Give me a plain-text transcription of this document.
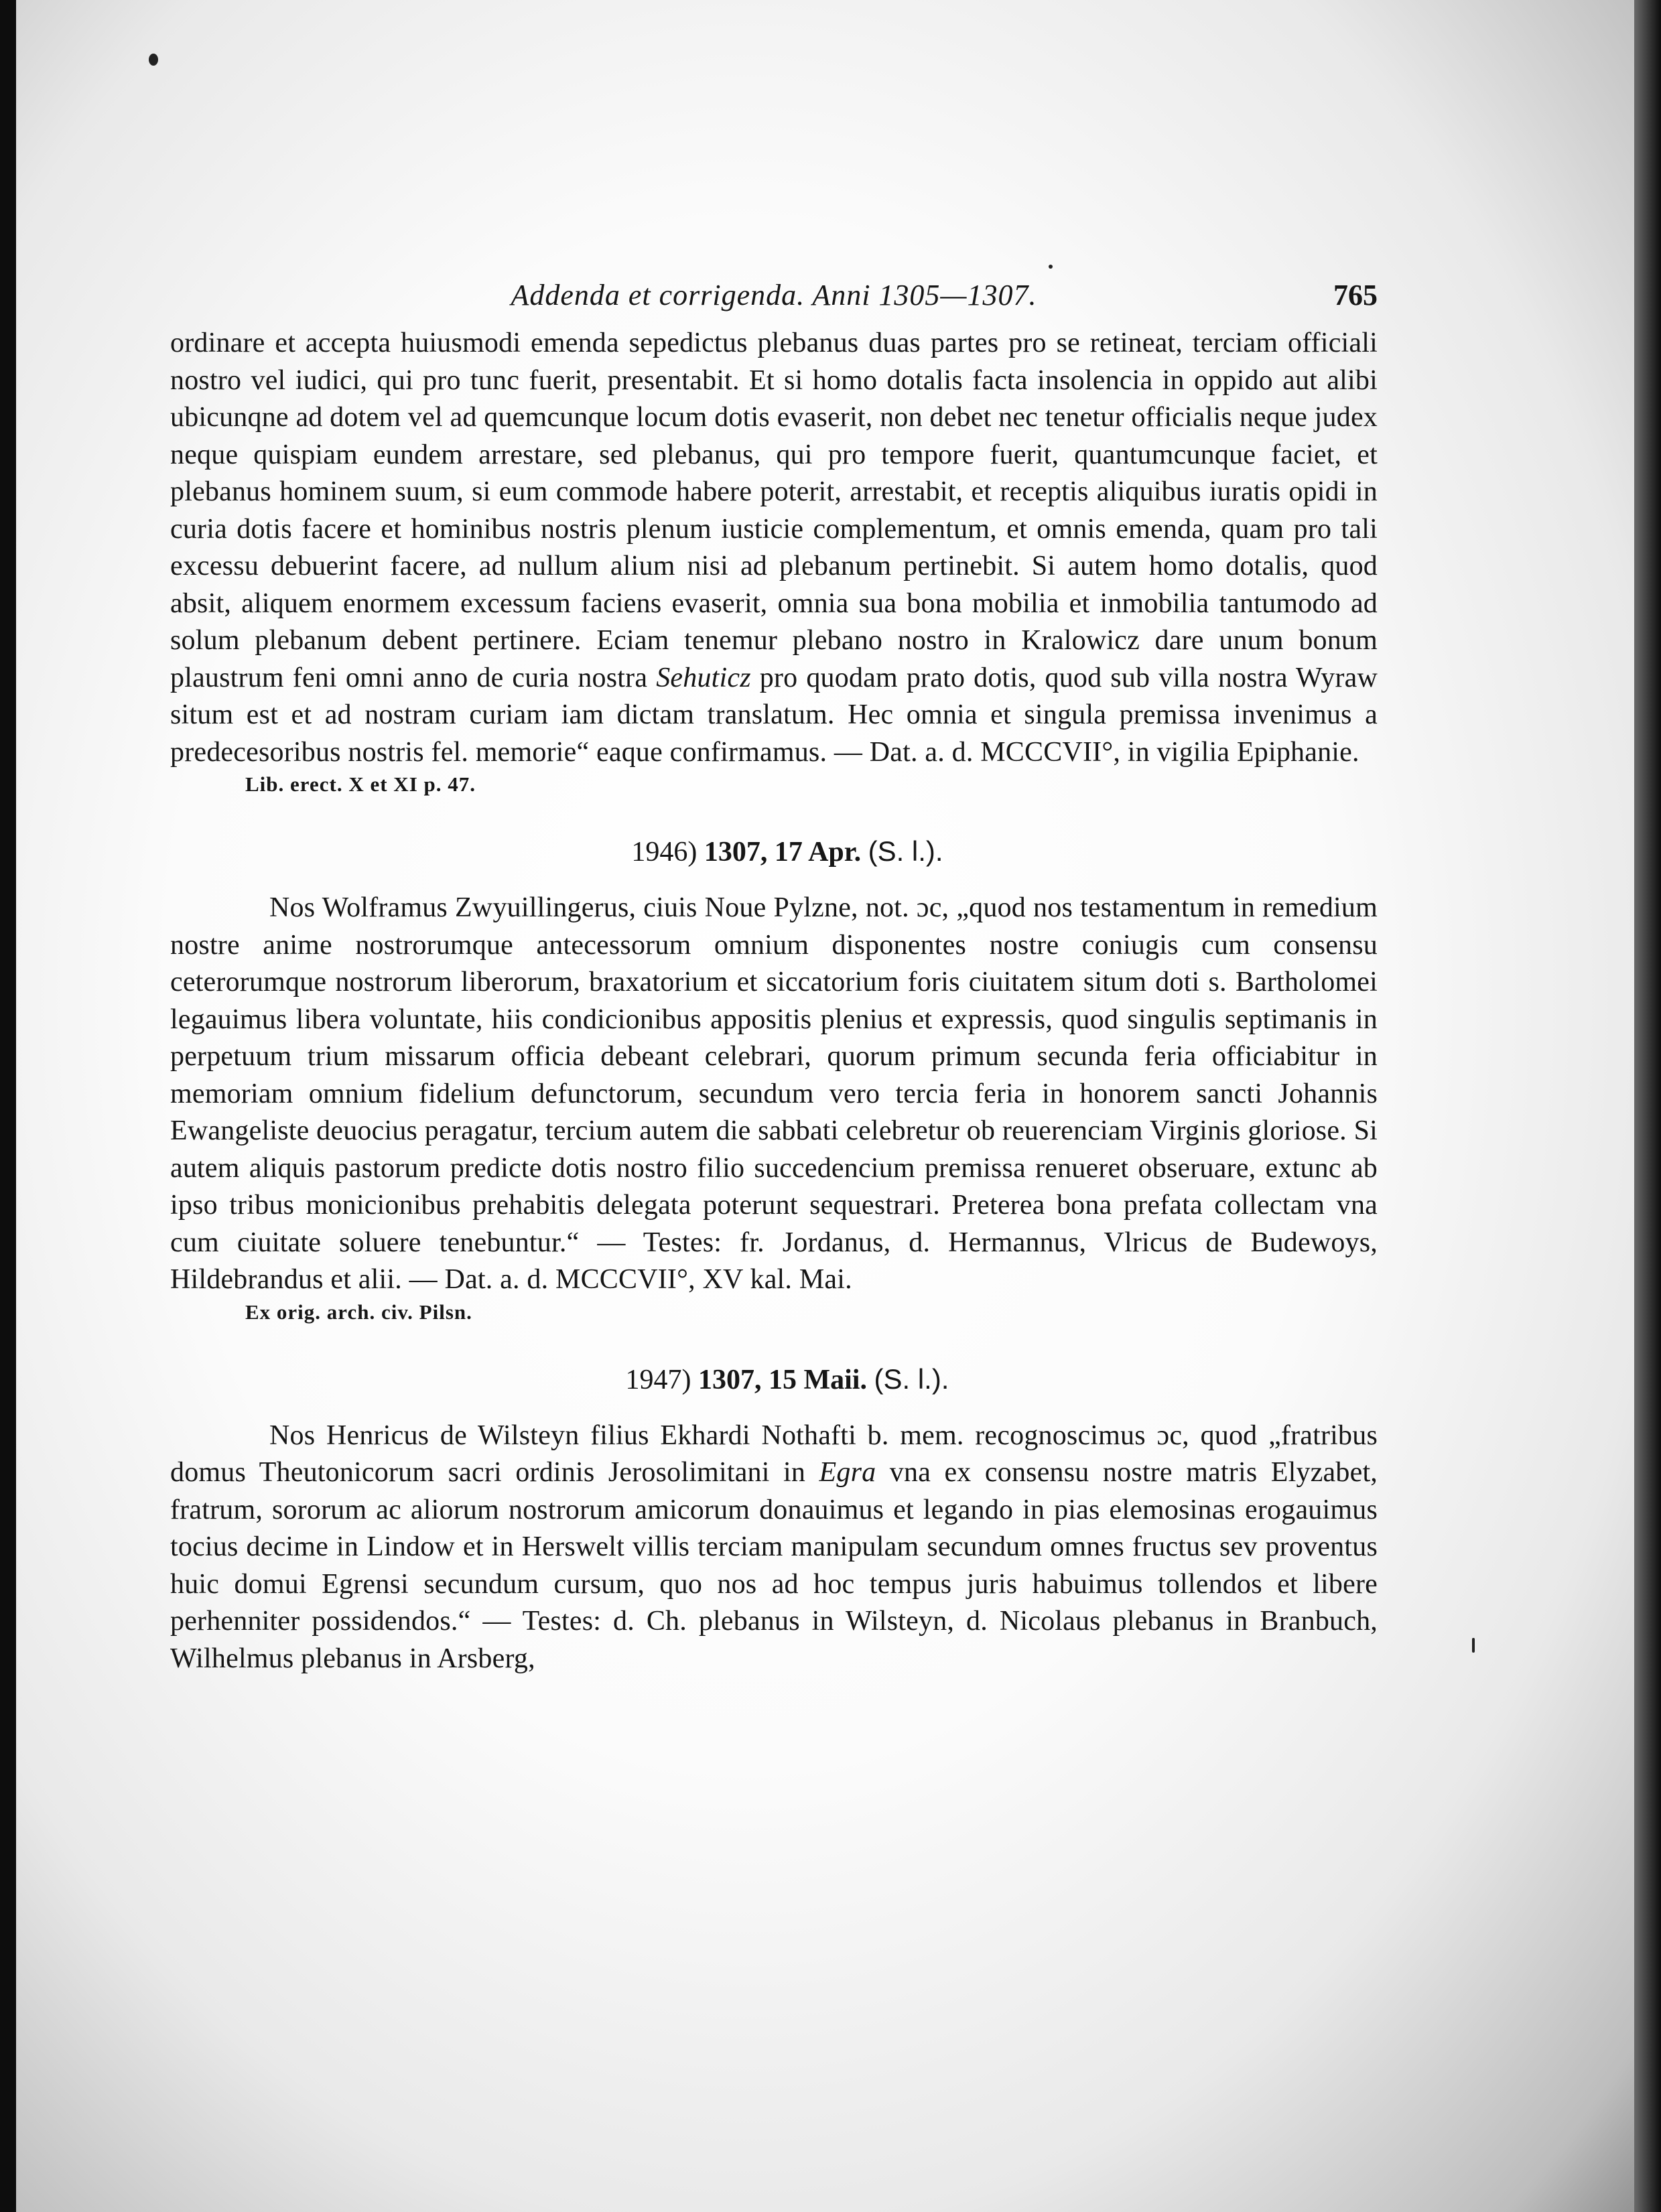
Addenda et corrigenda. Anni 1305—1307.	765

ordinare et accepta huiusmodi emenda sepedictus plebanus duas partes pro se retineat, terciam officiali nostro vel iudici, qui pro tunc fuerit, presentabit. Et si homo dotalis facta insolencia in oppido aut alibi ubicunqne ad dotem vel ad quemcunque locum dotis evaserit, non debet nec tenetur officialis neque judex neque quispiam eundem arrestare, sed plebanus, qui pro tempore fuerit, quantumcunque faciet, et plebanus hominem suum, si eum commode habere poterit, arrestabit, et receptis aliquibus iuratis opidi in curia dotis facere et hominibus nostris plenum iusticie complementum, et omnis emenda, quam pro tali excessu debuerint facere, ad nullum alium nisi ad plebanum pertinebit. Si autem homo dotalis, quod absit, aliquem enormem excessum faciens evaserit, omnia sua bona mobilia et inmobilia tantumodo ad solum plebanum debent pertinere. Eciam tenemur plebano nostro in Kralowicz dare unum bonum plaustrum feni omni anno de curia nostra Sehuticz pro quodam prato dotis, quod sub villa nostra Wyraw situm est et ad nostram curiam iam dictam translatum. Hec omnia et singula premissa invenimus a predecesoribus nostris fel. memorie“ eaque confirmamus. — Dat. a. d. MCCCVII°, in vigilia Epiphanie.

Lib. erect. X et XI p. 47.
1946) 1307, 17 Apr. (S. l.).

Nos Wolframus Zwyuillingerus, ciuis Noue Pylzne, not. ɔc, „quod nos testamentum in remedium nostre anime nostrorumque antecessorum omnium disponentes nostre coniugis cum consensu ceterorumque nostrorum liberorum, braxatorium et siccatorium foris ciuitatem situm doti s. Bartholomei legauimus libera voluntate, hiis condicionibus appositis plenius et expressis, quod singulis septimanis in perpetuum trium missarum officia debeant celebrari, quorum primum secunda feria officiabitur in memoriam omnium fidelium defunctorum, secundum vero tercia feria in honorem sancti Johannis Ewangeliste deuocius peragatur, tercium autem die sabbati celebretur ob reuerenciam Virginis gloriose. Si autem aliquis pastorum predicte dotis nostro filio succedencium premissa renueret obseruare, extunc ab ipso tribus monicionibus prehabitis delegata poterunt sequestrari. Preterea bona prefata collectam vna cum ciuitate soluere tenebuntur.“ — Testes: fr. Jordanus, d. Hermannus, Vlricus de Budewoys, Hildebrandus et alii. — Dat. a. d. MCCCVII°, XV kal. Mai.

Ex orig. arch. civ. Pilsn.
1947) 1307, 15 Maii. (S. l.).

Nos Henricus de Wilsteyn filius Ekhardi Nothafti b. mem. recognoscimus ɔc, quod „fratribus domus Theutonicorum sacri ordinis Jerosolimitani in Egra vna ex consensu nostre matris Elyzabet, fratrum, sororum ac aliorum nostrorum amicorum donauimus et legando in pias elemosinas erogauimus tocius decime in Lindow et in Herswelt villis terciam manipulam secundum omnes fructus sev proventus huic domui Egrensi secundum cursum, quo nos ad hoc tempus juris habuimus tollendos et libere perhenniter possidendos.“ — Testes: d. Ch. plebanus in Wilsteyn, d. Nicolaus plebanus in Branbuch, Wilhelmus plebanus in Arsberg,
